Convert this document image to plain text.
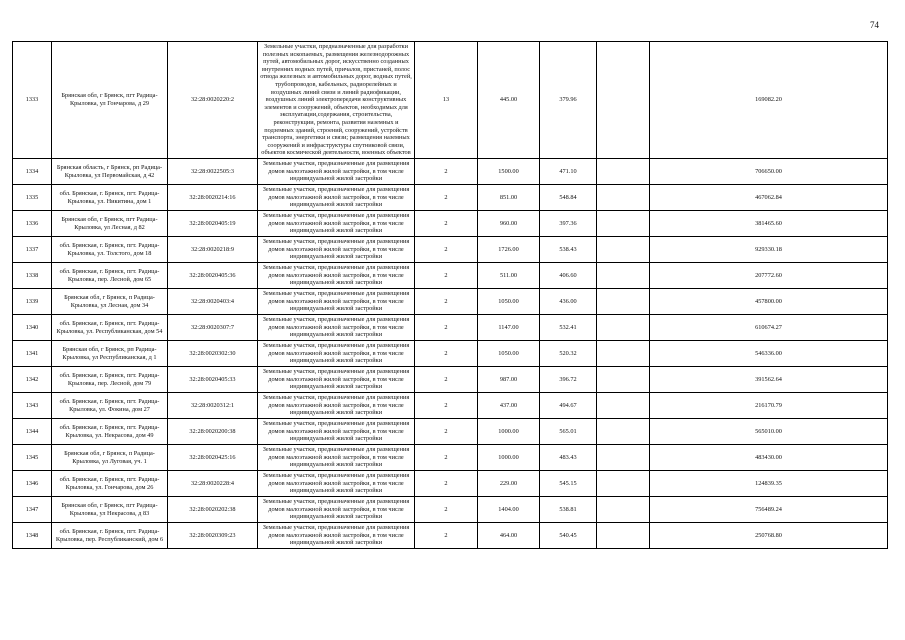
74
1333	Брянская обл, г Брянск, пгт Радица-Крыловка, ул Гончарова, д 29	32:28:0020220:2	Земельные участки, предназначенные для разработки полезных ископаемых, размещения железнодорожных путей, автомобильных дорог, искусственно созданных внутренних водных путей, причалов, пристаней, полос отвода железных и автомобильных дорог, водных путей, трубопроводов, кабельных, радиорелейных и воздушных линий связи и линий радиофикации, воздушных линий электропередачи конструктивных элементов и сооружений, объектов, необходимых для эксплуатации,содержания, строительства, реконструкции, ремонта, развития наземных и подземных зданий, строений, сооружений, устройств транспорта, энергетики и связи; размещения наземных сооружений и инфраструктуры спутниковой связи, объектов космической деятельности, военных объектов	13	445.00	379.96		169082.20
1334	Брянская область, г Брянск, рп Радица-Крыловка, ул Первомайская, д 42	32:28:0022505:3	Земельные участки, предназначенные для размещения домов малоэтажной жилой застройки, в том числе индивидуальной жилой застройки	2	1500.00	471.10		706650.00
1335	обл. Брянская, г. Брянск, пгт. Радица-Крыловка, ул. Никитина, дом 1	32:28:0020214:16	Земельные участки, предназначенные для размещения домов малоэтажной жилой застройки, в том числе индивидуальной жилой застройки	2	851.00	548.84		467062.84
1336	Брянская обл, г Брянск, пгт Радица-Крыловка, ул Лесная, д 82	32:28:0020405:19	Земельные участки, предназначенные для размещения домов малоэтажной жилой застройки, в том числе индивидуальной жилой застройки	2	960.00	397.36		381465.60
1337	обл. Брянская, г. Брянск, пгт. Радица-Крыловка, ул. Толстого, дом 18	32:28:0020218:9	Земельные участки, предназначенные для размещения домов малоэтажной жилой застройки, в том числе индивидуальной жилой застройки	2	1726.00	538.43		929330.18
1338	обл. Брянская, г. Брянск, пгт. Радица-Крыловка, пер. Лесной, дом 65	32:28:0020405:36	Земельные участки, предназначенные для размещения домов малоэтажной жилой застройки, в том числе индивидуальной жилой застройки	2	511.00	406.60		207772.60
1339	Брянская обл, г Брянск, п Радица-Крыловка, ул Лесная, дом 34	32:28:0020403:4	Земельные участки, предназначенные для размещения домов малоэтажной жилой застройки, в том числе индивидуальной жилой застройки	2	1050.00	436.00		457800.00
1340	обл. Брянская, г. Брянск, пгт. Радица-Крыловка, ул. Республиканская, дом 54	32:28:0020307:7	Земельные участки, предназначенные для размещения домов малоэтажной жилой застройки, в том числе индивидуальной жилой застройки	2	1147.00	532.41		610674.27
1341	Брянская обл, г Брянск, рп Радица-Крыловка, ул Республиканская, д 1	32:28:0020302:30	Земельные участки, предназначенные для размещения домов малоэтажной жилой застройки, в том числе индивидуальной жилой застройки	2	1050.00	520.32		546336.00
1342	обл. Брянская, г. Брянск, пгт. Радица-Крыловка, пер. Лесной, дом 79	32:28:0020405:33	Земельные участки, предназначенные для размещения домов малоэтажной жилой застройки, в том числе индивидуальной жилой застройки	2	987.00	396.72		391562.64
1343	обл. Брянская, г. Брянск, пгт. Радица-Крыловка, ул. Фокина, дом 27	32:28:0020312:1	Земельные участки, предназначенные для размещения домов малоэтажной жилой застройки, в том числе индивидуальной жилой застройки	2	437.00	494.67		216170.79
1344	обл. Брянская, г. Брянск, пгт. Радица-Крыловка, ул. Некрасова, дом 49	32:28:0020200:38	Земельные участки, предназначенные для размещения домов малоэтажной жилой застройки, в том числе индивидуальной жилой застройки	2	1000.00	565.01		565010.00
1345	Брянская обл, г Брянск, п Радица-Крыловка, ул Луговая, уч. 1	32:28:0020425:16	Земельные участки, предназначенные для размещения домов малоэтажной жилой застройки, в том числе индивидуальной жилой застройки	2	1000.00	483.43		483430.00
1346	обл. Брянская, г. Брянск, пгт. Радица-Крыловка, ул. Гончарова, дом 26	32:28:0020228:4	Земельные участки, предназначенные для размещения домов малоэтажной жилой застройки, в том числе индивидуальной жилой застройки	2	229.00	545.15		124839.35
1347	Брянская обл, г Брянск, пгт Радица-Крыловка, ул Некрасова, д 83	32:28:0020202:38	Земельные участки, предназначенные для размещения домов малоэтажной жилой застройки, в том числе индивидуальной жилой застройки	2	1404.00	538.81		756489.24
1348	обл. Брянская, г. Брянск, пгт. Радица-Крыловка, пер. Республиканский, дом 6	32:28:0020309:23	Земельные участки, предназначенные для размещения домов малоэтажной жилой застройки, в том числе индивидуальной жилой застройки	2	464.00	540.45		250768.80
